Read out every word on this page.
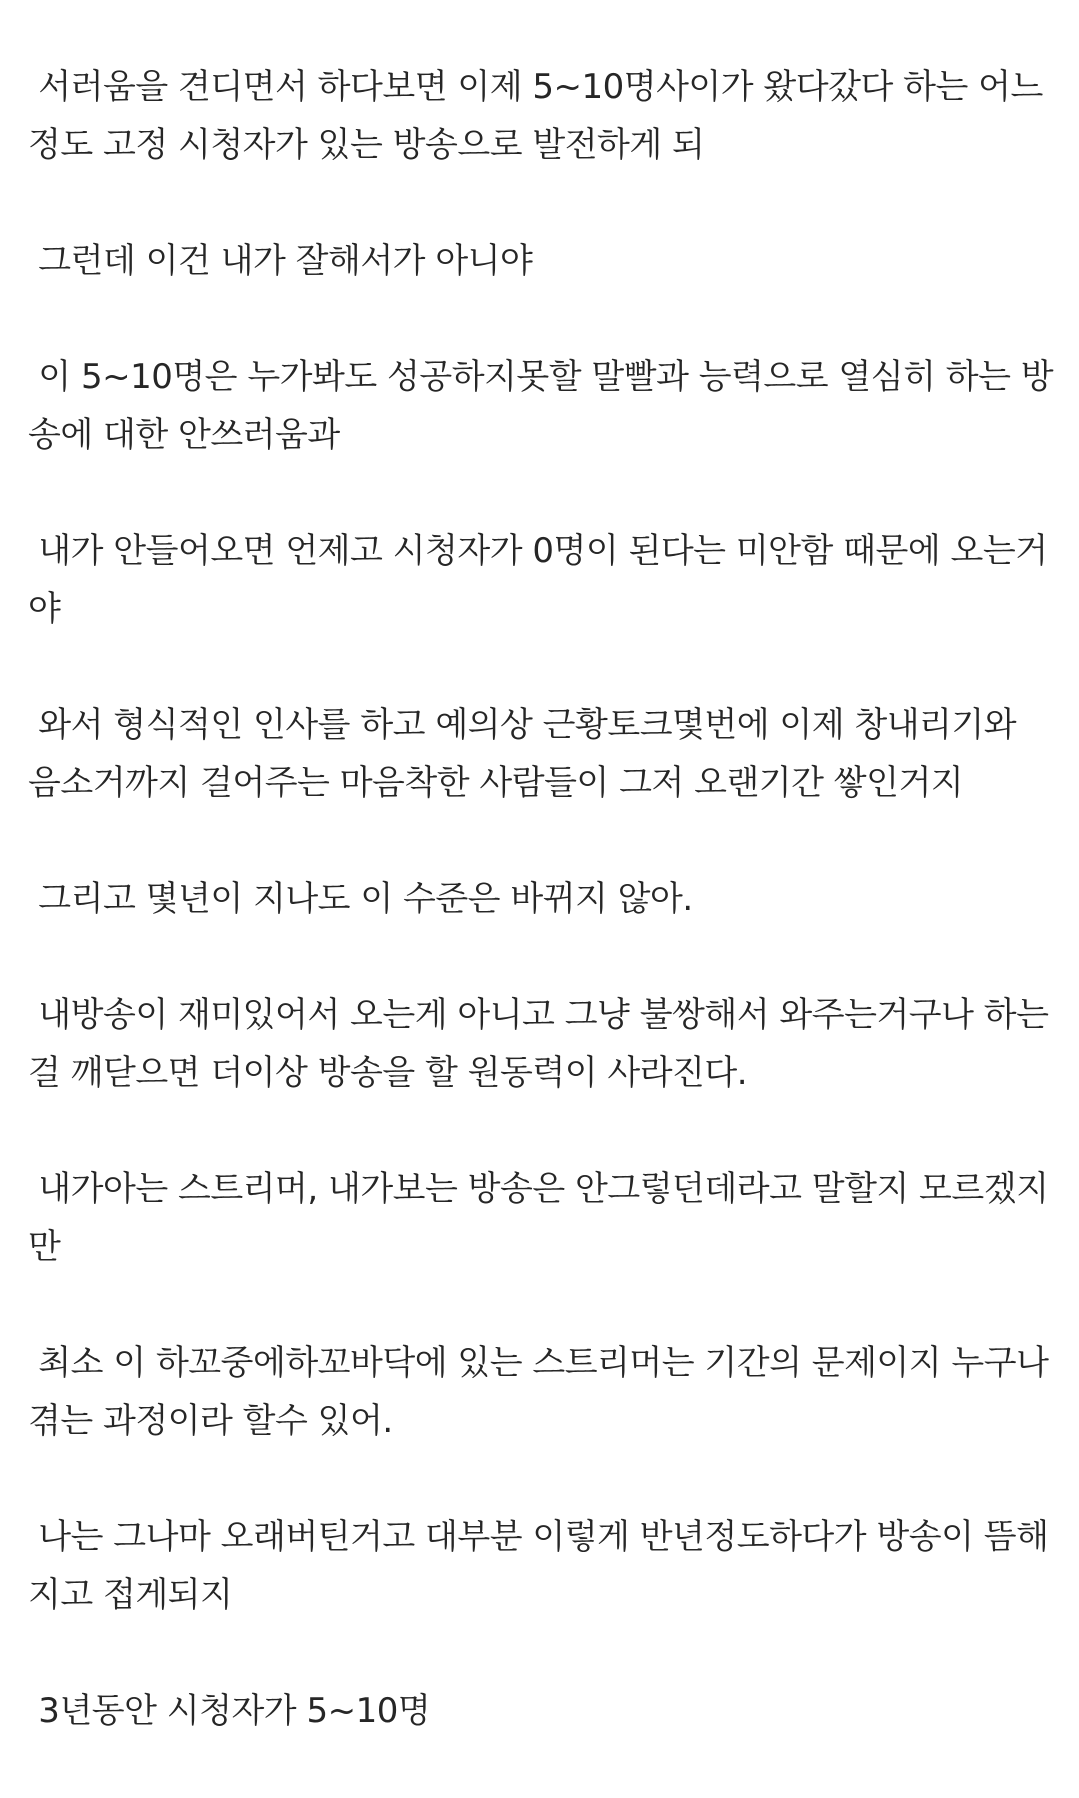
서러움을 견디면서 하다보면 이제 5~10명사이가 왔다갔다 하는 어느
정도 고정 시청자가 있는 방송으로 발전하게 되

그런데 이건 내가 잘해서가 아니야

이 5~10명은 누가봐도 성공하지못할 말빨과 능력으로 열심히 하는 방
송에 대한 안쓰러움과

내가 안들어오면 언제고 시청자가 0명이 된다는 미안함 때문에 오는거
야

와서 형식적인 인사를 하고 예의상 근황토크몇번에 이제 창내리기와
음소거까지 걸어주는 마음착한 사람들이 그저 오랜기간 쌓인거지

그리고 몇년이 지나도 이 수준은 바뀌지 않아.

내방송이 재미있어서 오는게 아니고 그냥 불쌍해서 와주는거구나 하는
걸 깨닫으면 더이상 방송을 할 원동력이 사라진다.

내가아는 스트리머, 내가보는 방송은 안그렇던데라고 말할지 모르겠지
만

최소 이 하꼬중에하꼬바닥에 있는 스트리머는 기간의 문제이지 누구나
겪는 과정이라 할수 있어.

나는 그나마 오래버틴거고 대부분 이렇게 반년정도하다가 방송이 뜸해
지고 접게되지

3년동안 시청자가 5~10명
